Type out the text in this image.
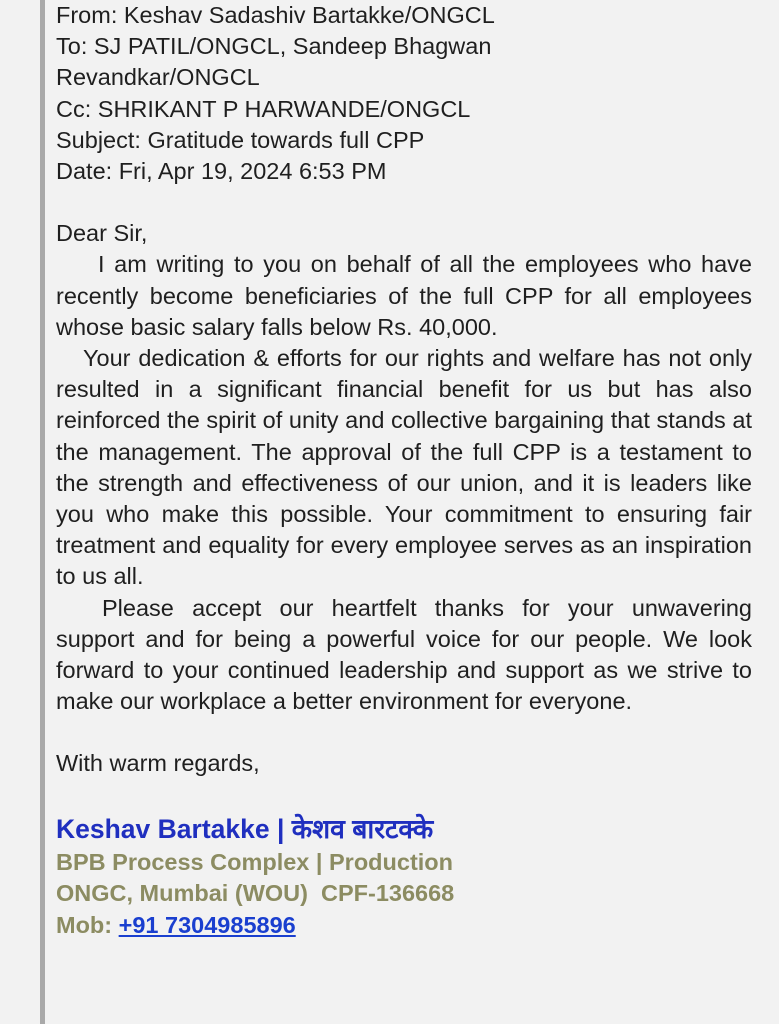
From: Keshav Sadashiv Bartakke/ONGCL
To: SJ PATIL/ONGCL, Sandeep Bhagwan
Revandkar/ONGCL
Cc: SHRIKANT P HARWANDE/ONGCL
Subject: Gratitude towards full CPP
Date: Fri, Apr 19, 2024 6:53 PM
Dear Sir,

I am writing to you on behalf of all the employees who have recently become beneficiaries of the full CPP for all employees whose basic salary falls below Rs. 40,000.

Your dedication & efforts for our rights and welfare has not only resulted in a significant financial benefit for us but has also reinforced the spirit of unity and collective bargaining that stands at the management. The approval of the full CPP is a testament to the strength and effectiveness of our union, and it is leaders like you who make this possible. Your commitment to ensuring fair treatment and equality for every employee serves as an inspiration to us all.

Please accept our heartfelt thanks for your unwavering support and for being a powerful voice for our people. We look forward to your continued leadership and support as we strive to make our workplace a better environment for everyone.

With warm regards,
Keshav Bartakke | केशव बारटक्के
BPB Process Complex | Production
ONGC, Mumbai (WOU)  CPF-136668
Mob: +91 7304985896
